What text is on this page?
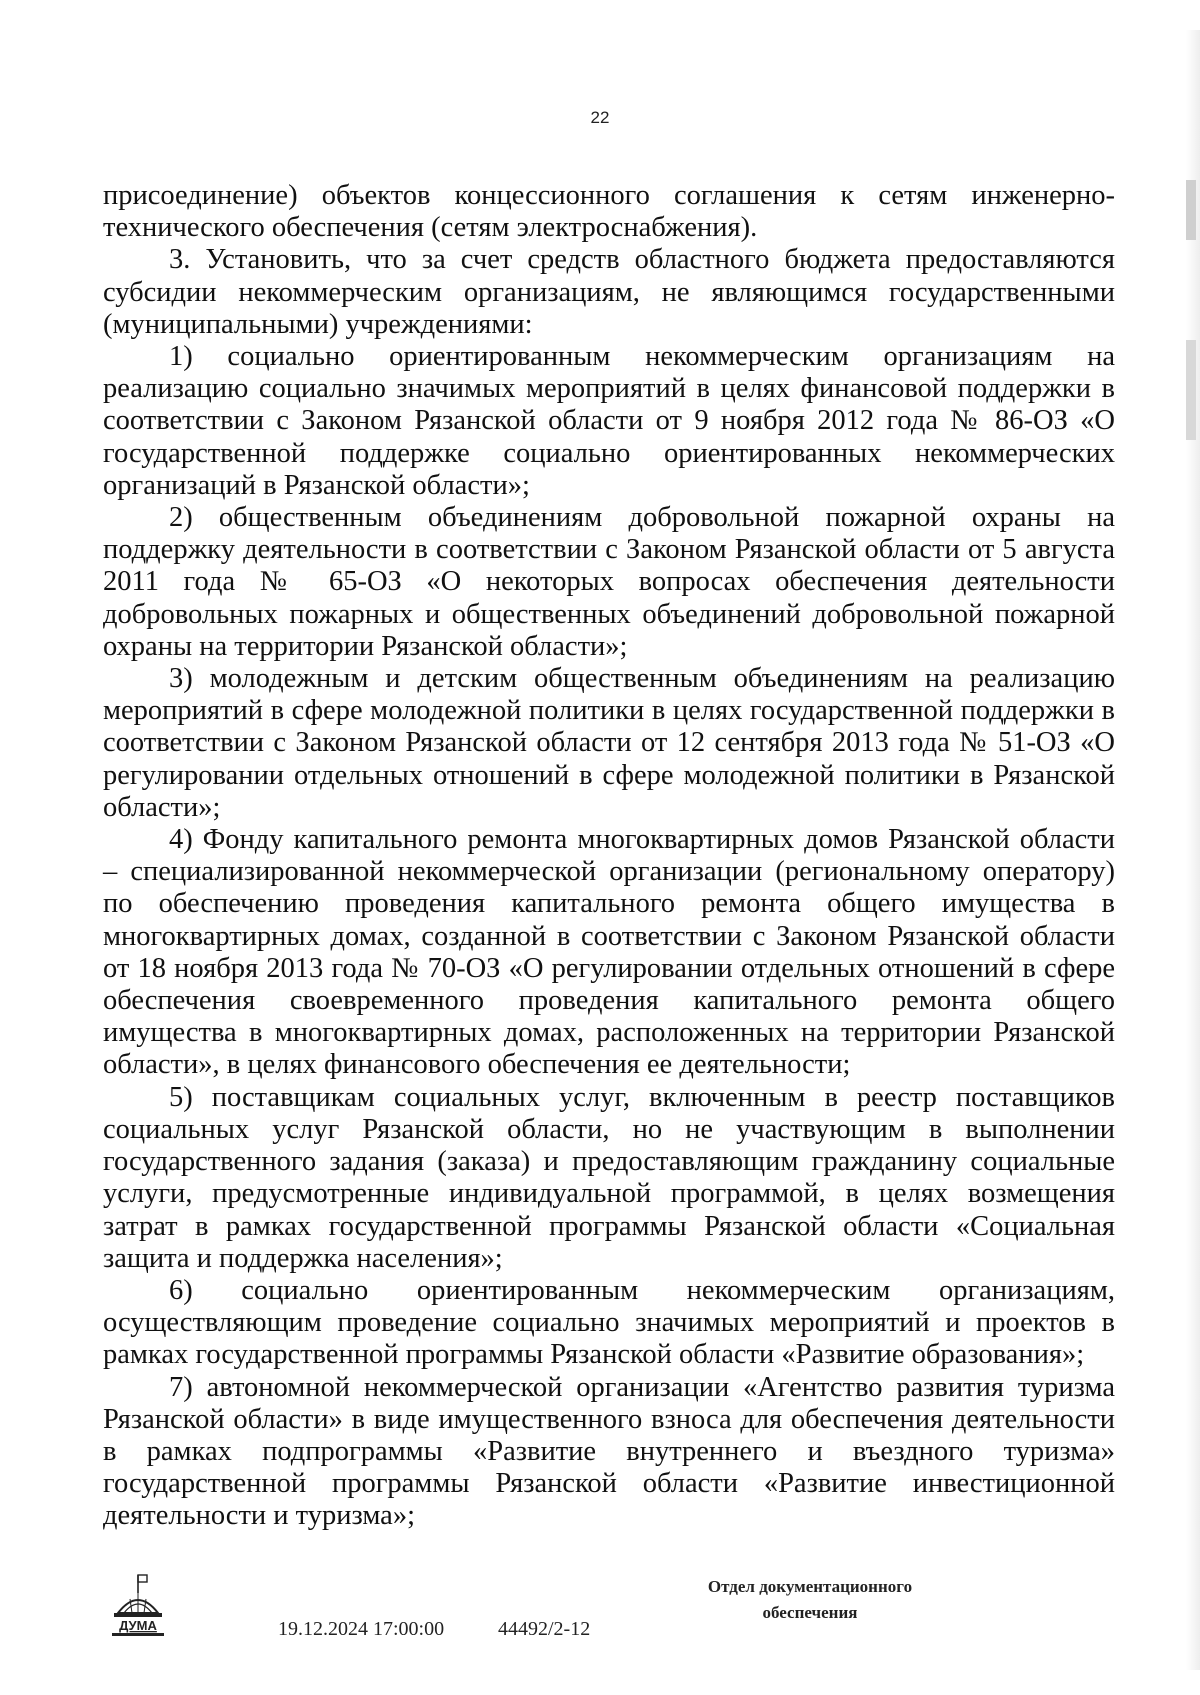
22

присоединение) объектов концессионного соглашения к сетям инженерно-технического обеспечения (сетям электроснабжения).

3. Установить, что за счет средств областного бюджета предоставляются субсидии некоммерческим организациям, не являющимся государственными (муниципальными) учреждениями:

1) социально ориентированным некоммерческим организациям на реализацию социально значимых мероприятий в целях финансовой поддержки в соответствии с Законом Рязанской области от 9 ноября 2012 года № 86-ОЗ «О государственной поддержке социально ориентированных некоммерческих организаций в Рязанской области»;

2) общественным объединениям добровольной пожарной охраны на поддержку деятельности в соответствии с Законом Рязанской области от 5 августа 2011 года № 65-ОЗ «О некоторых вопросах обеспечения деятельности добровольных пожарных и общественных объединений добровольной пожарной охраны на территории Рязанской области»;

3) молодежным и детским общественным объединениям на реализацию мероприятий в сфере молодежной политики в целях государственной поддержки в соответствии с Законом Рязанской области от 12 сентября 2013 года № 51-ОЗ «О регулировании отдельных отношений в сфере молодежной политики в Рязанской области»;

4) Фонду капитального ремонта многоквартирных домов Рязанской области – специализированной некоммерческой организации (региональному оператору) по обеспечению проведения капитального ремонта общего имущества в многоквартирных домах, созданной в соответствии с Законом Рязанской области от 18 ноября 2013 года № 70-ОЗ «О регулировании отдельных отношений в сфере обеспечения своевременного проведения капитального ремонта общего имущества в многоквартирных домах, расположенных на территории Рязанской области», в целях финансового обеспечения ее деятельности;

5) поставщикам социальных услуг, включенным в реестр поставщиков социальных услуг Рязанской области, но не участвующим в выполнении государственного задания (заказа) и предоставляющим гражданину социальные услуги, предусмотренные индивидуальной программой, в целях возмещения затрат в рамках государственной программы Рязанской области «Социальная защита и поддержка населения»;

6) социально ориентированным некоммерческим организациям, осуществляющим проведение социально значимых мероприятий и проектов в рамках государственной программы Рязанской области «Развитие образования»;

7) автономной некоммерческой организации «Агентство развития туризма Рязанской области» в виде имущественного взноса для обеспечения деятельности в рамках подпрограммы «Развитие внутреннего и въездного туризма» государственной программы Рязанской области «Развитие инвестиционной деятельности и туризма»;

ДУМА	19.12.2024 17:00:00	44492/2-12
Отдел документационного
обеспечения
